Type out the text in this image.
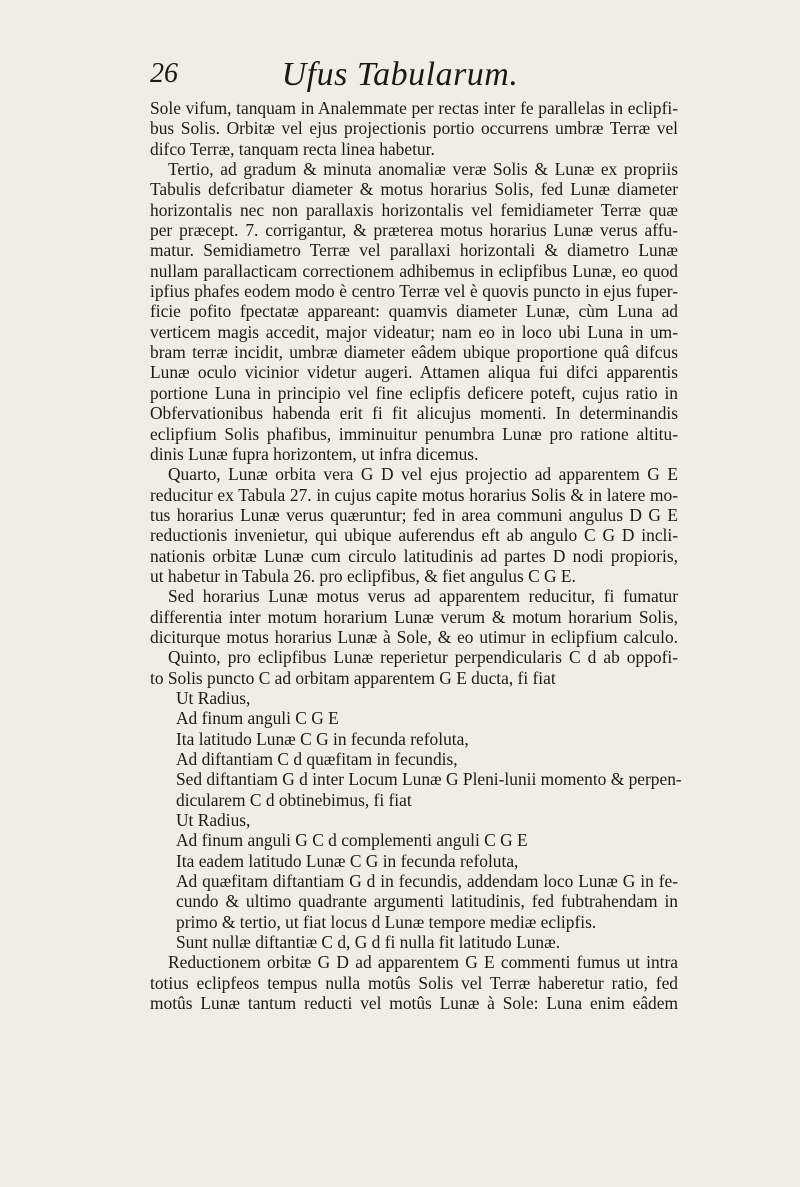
26	Ufus Tabularum.
Sole vifum, tanquam in Analemmate per rectas inter fe parallelas in eclipfi-
bus Solis. Orbitæ vel ejus projectionis portio occurrens umbræ Terræ vel
difco Terræ, tanquam recta linea habetur.
Tertio, ad gradum & minuta anomaliæ veræ Solis & Lunæ ex propriis
Tabulis defcribatur diameter & motus horarius Solis, fed Lunæ diameter
horizontalis nec non parallaxis horizontalis vel femidiameter Terræ quæ
per præcept. 7. corrigantur, & præterea motus horarius Lunæ verus affu-
matur. Semidiametro Terræ vel parallaxi horizontali & diametro Lunæ
nullam parallacticam correctionem adhibemus in eclipfibus Lunæ, eo quod
ipfius phafes eodem modo è centro Terræ vel è quovis puncto in ejus fuper-
ficie pofito fpectatæ appareant: quamvis diameter Lunæ, cùm Luna ad
verticem magis accedit, major videatur; nam eo in loco ubi Luna in um-
bram terræ incidit, umbræ diameter eâdem ubique proportione quâ difcus
Lunæ oculo vicinior videtur augeri. Attamen aliqua fui difci apparentis
portione Luna in principio vel fine eclipfis deficere poteft, cujus ratio in
Obfervationibus habenda erit fi fit alicujus momenti. In determinandis
eclipfium Solis phafibus, imminuitur penumbra Lunæ pro ratione altitu-
dinis Lunæ fupra horizontem, ut infra dicemus.
Quarto, Lunæ orbita vera G D vel ejus projectio ad apparentem G E
reducitur ex Tabula 27. in cujus capite motus horarius Solis & in latere mo-
tus horarius Lunæ verus quæruntur; fed in area communi angulus D G E
reductionis invenietur, qui ubique auferendus eft ab angulo C G D incli-
nationis orbitæ Lunæ cum circulo latitudinis ad partes D nodi propioris,
ut habetur in Tabula 26. pro eclipfibus, & fiet angulus C G E.
Sed horarius Lunæ motus verus ad apparentem reducitur, fi fumatur
differentia inter motum horarium Lunæ verum & motum horarium Solis,
diciturque motus horarius Lunæ à Sole, & eo utimur in eclipfium calculo.
Quinto, pro eclipfibus Lunæ reperietur perpendicularis C d ab oppofi-
to Solis puncto C ad orbitam apparentem G E ducta, fi fiat
Ut Radius,
Ad finum anguli C G E
Ita latitudo Lunæ C G in fecunda refoluta,
Ad diftantiam C d quæfitam in fecundis,
Sed diftantiam G d inter Locum Lunæ G Pleni-lunii momento & perpen-
dicularem C d obtinebimus, fi fiat
Ut Radius,
Ad finum anguli G C d complementi anguli C G E
Ita eadem latitudo Lunæ C G in fecunda refoluta,
Ad quæfitam diftantiam G d in fecundis, addendam loco Lunæ G in fe-
cundo & ultimo quadrante argumenti latitudinis, fed fubtrahendam in
primo & tertio, ut fiat locus d Lunæ tempore mediæ eclipfis.
Sunt nullæ diftantiæ C d, G d fi nulla fit latitudo Lunæ.
Reductionem orbitæ G D ad apparentem G E commenti fumus ut intra
totius eclipfeos tempus nulla motûs Solis vel Terræ haberetur ratio, fed
motûs Lunæ tantum reducti vel motûs Lunæ à Sole: Luna enim eâdem
